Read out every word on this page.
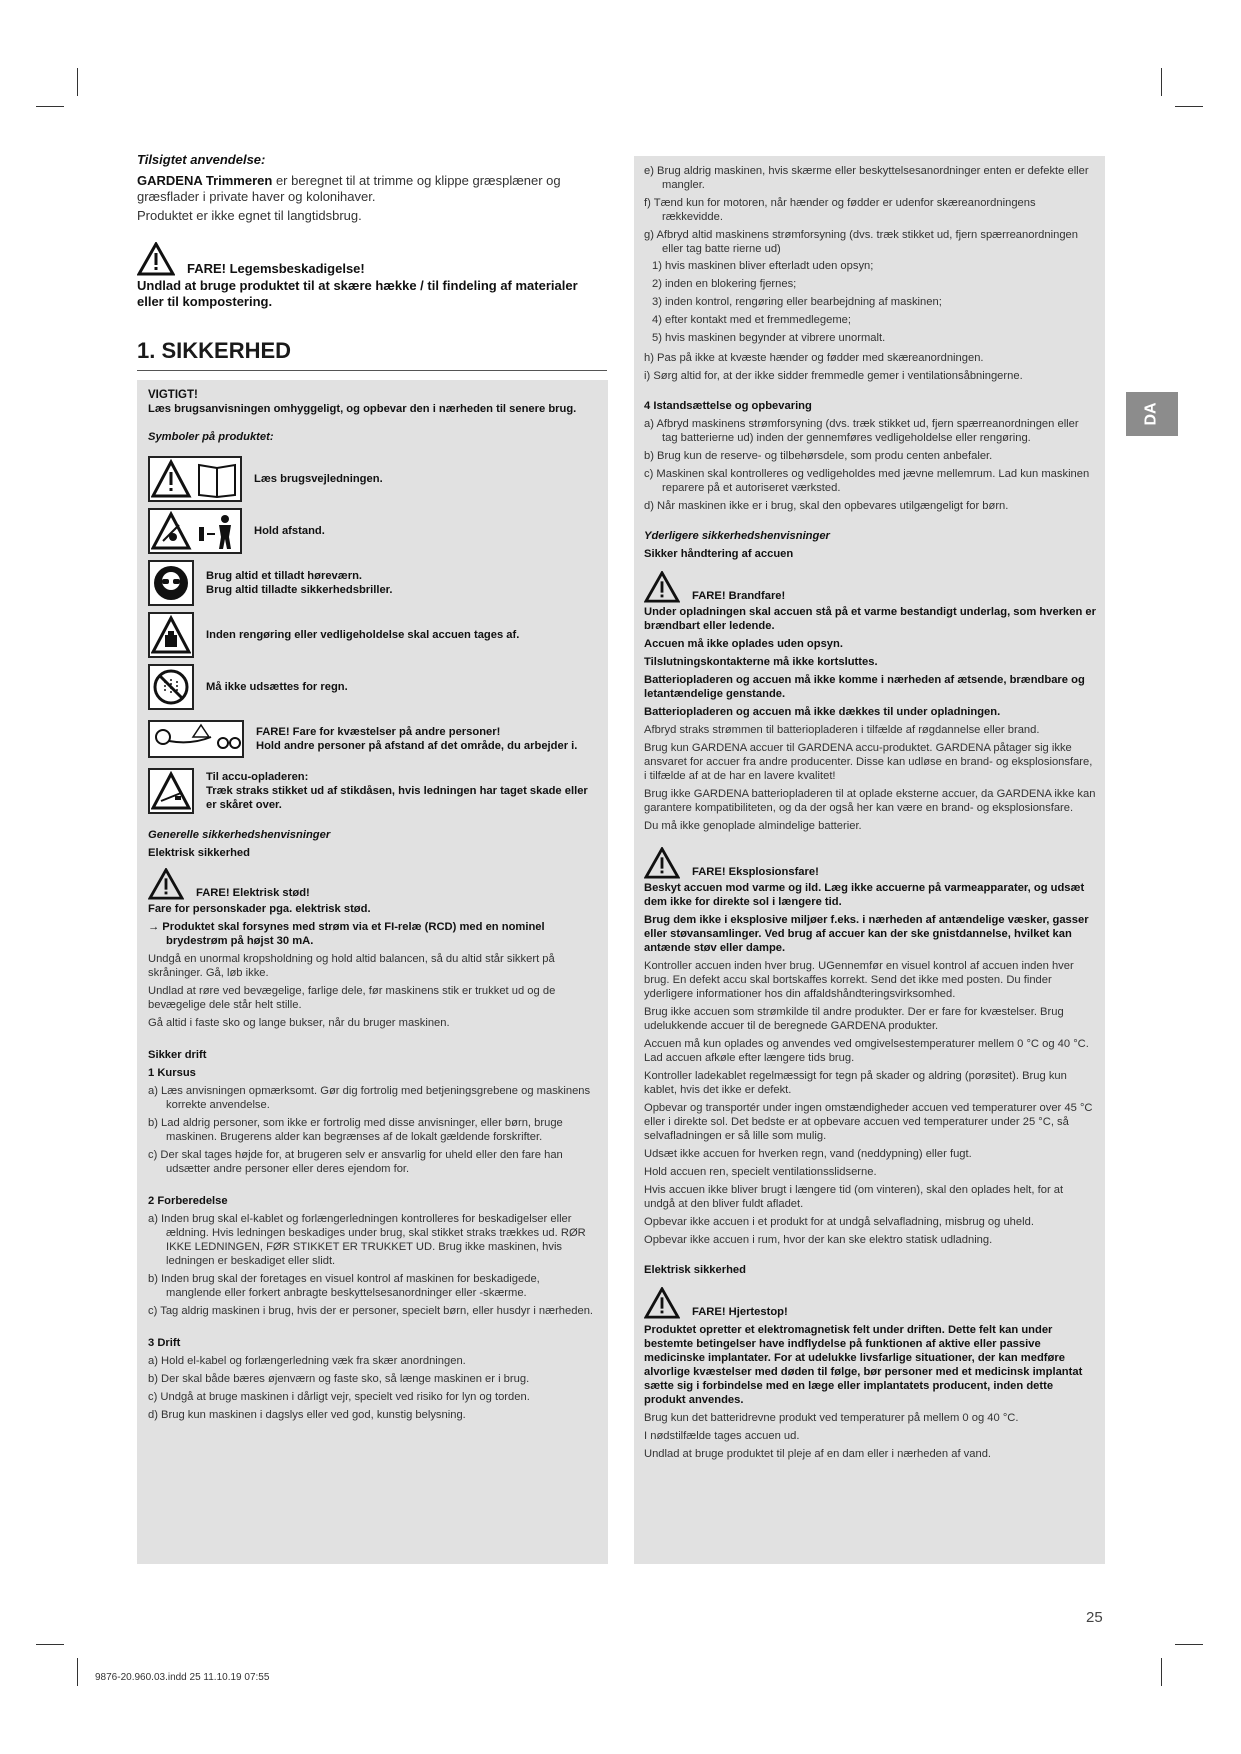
DA
Tilsigtet anvendelse:
GARDENA Trimmeren er beregnet til at trimme og klippe græsplæner og græsflader i private haver og kolonihaver.
Produktet er ikke egnet til langtidsbrug.
FARE! Legemsbeskadigelse!
Undlad at bruge produktet til at skære hække / til findeling af materialer eller til kompostering.
1. SIKKERHED
VIGTIGT!
Læs brugsanvisningen omhyggeligt, og opbevar den i nærheden til senere brug.
Symboler på produktet:
Læs brugsvejledningen.
Hold afstand.
Brug altid et tilladt høreværn.
Brug altid tilladte sikkerhedsbriller.
Inden rengøring eller vedligeholdelse skal accuen tages af.
Må ikke udsættes for regn.
FARE! Fare for kvæstelser på andre personer!
Hold andre personer på afstand af det område, du arbejder i.
Til accu-opladeren:
Træk straks stikket ud af stikdåsen, hvis ledningen har taget skade eller er skåret over.
Generelle sikkerhedshenvisninger
Elektrisk sikkerhed
FARE! Elektrisk stød!
Fare for personskader pga. elektrisk stød.
→ Produktet skal forsynes med strøm via et FI-relæ (RCD) med en nominel brydestrøm på højst 30 mA.
Undgå en unormal kropsholdning og hold altid balancen, så du altid står sikkert på skråninger. Gå, løb ikke.
Undlad at røre ved bevægelige, farlige dele, før maskinens stik er trukket ud og de bevægelige dele står helt stille.
Gå altid i faste sko og lange bukser, når du bruger maskinen.
Sikker drift
1 Kursus
a) Læs anvisningen opmærksomt. Gør dig fortrolig med betjeningsgrebene og maskinens korrekte anvendelse.
b) Lad aldrig personer, som ikke er fortrolig med disse anvisninger, eller børn, bruge maskinen. Brugerens alder kan begrænses af de lokalt gældende forskrifter.
c) Der skal tages højde for, at brugeren selv er ansvarlig for uheld eller den fare han udsætter andre personer eller deres ejendom for.
2 Forberedelse
a) Inden brug skal el-kablet og forlængerledningen kontrolleres for beskadigelser eller ældning. Hvis ledningen beskadiges under brug, skal stikket straks trækkes ud. RØR IKKE LEDNINGEN, FØR STIKKET ER TRUKKET UD. Brug ikke maskinen, hvis ledningen er beskadiget eller slidt.
b) Inden brug skal der foretages en visuel kontrol af maskinen for beskadigede, manglende eller forkert anbragte beskyttelsesanordninger eller -skærme.
c) Tag aldrig maskinen i brug, hvis der er personer, specielt børn, eller husdyr i nærheden.
3 Drift
a) Hold el-kabel og forlængerledning væk fra skær anordningen.
b) Der skal både bæres øjenværn og faste sko, så længe maskinen er i brug.
c) Undgå at bruge maskinen i dårligt vejr, specielt ved risiko for lyn og torden.
d) Brug kun maskinen i dagslys eller ved god, kunstig belysning.
e) Brug aldrig maskinen, hvis skærme eller beskyttelsesanordninger enten er defekte eller mangler.
f) Tænd kun for motoren, når hænder og fødder er udenfor skæreanordningens rækkevidde.
g) Afbryd altid maskinens strømforsyning (dvs. træk stikket ud, fjern spærreanordningen eller tag batte rierne ud)
1) hvis maskinen bliver efterladt uden opsyn;
2) inden en blokering fjernes;
3) inden kontrol, rengøring eller bearbejdning af maskinen;
4) efter kontakt med et fremmedlegeme;
5) hvis maskinen begynder at vibrere unormalt.
h) Pas på ikke at kvæste hænder og fødder med skæreanordningen.
i) Sørg altid for, at der ikke sidder fremmedle gemer i ventilationsåbningerne.
4 Istandsættelse og opbevaring
a) Afbryd maskinens strømforsyning (dvs. træk stikket ud, fjern spærreanordningen eller tag batterierne ud) inden der gennemføres vedligeholdelse eller rengøring.
b) Brug kun de reserve- og tilbehørsdele, som produ centen anbefaler.
c) Maskinen skal kontrolleres og vedligeholdes med jævne mellemrum. Lad kun maskinen reparere på et autoriseret værksted.
d) Når maskinen ikke er i brug, skal den opbevares utilgængeligt for børn.
Yderligere sikkerhedshenvisninger
Sikker håndtering af accuen
FARE! Brandfare!
Under opladningen skal accuen stå på et varme bestandigt underlag, som hverken er brændbart eller ledende.
Accuen må ikke oplades uden opsyn.
Tilslutningskontakterne må ikke kortsluttes.
Batteriopladeren og accuen må ikke komme i nærheden af ætsende, brændbare og letantændelige genstande.
Batteriopladeren og accuen må ikke dækkes til under opladningen.
Afbryd straks strømmen til batteriopladeren i tilfælde af røgdannelse eller brand.
Brug kun GARDENA accuer til GARDENA accu-produktet. GARDENA påtager sig ikke ansvaret for accuer fra andre producenter. Disse kan udløse en brand- og eksplosionsfare, i tilfælde af at de har en lavere kvalitet!
Brug ikke GARDENA batteriopladeren til at oplade eksterne accuer, da GARDENA ikke kan garantere kompatibiliteten, og da der også her kan være en brand- og eksplosionsfare.
Du må ikke genoplade almindelige batterier.
FARE! Eksplosionsfare!
Beskyt accuen mod varme og ild. Læg ikke accuerne på varmeapparater, og udsæt dem ikke for direkte sol i længere tid.
Brug dem ikke i eksplosive miljøer f.eks. i nærheden af antændelige væsker, gasser eller støvansamlinger. Ved brug af accuer kan der ske gnistdannelse, hvilket kan antænde støv eller dampe.
Kontroller accuen inden hver brug. UGennemfør en visuel kontrol af accuen inden hver brug. En defekt accu skal bortskaffes korrekt. Send det ikke med posten. Du finder yderligere informationer hos din affaldshåndteringsvirksomhed.
Brug ikke accuen som strømkilde til andre produkter. Der er fare for kvæstelser. Brug udelukkende accuer til de beregnede GARDENA produkter.
Accuen må kun oplades og anvendes ved omgivelsestemperaturer mellem 0 °C og 40 °C. Lad accuen afkøle efter længere tids brug.
Kontroller ladekablet regelmæssigt for tegn på skader og aldring (porøsitet). Brug kun kablet, hvis det ikke er defekt.
Opbevar og transportér under ingen omstændigheder accuen ved temperaturer over 45 °C eller i direkte sol. Det bedste er at opbevare accuen ved temperaturer under 25 °C, så selvafladningen er så lille som mulig.
Udsæt ikke accuen for hverken regn, vand (neddypning) eller fugt.
Hold accuen ren, specielt ventilationsslidserne.
Hvis accuen ikke bliver brugt i længere tid (om vinteren), skal den oplades helt, for at undgå at den bliver fuldt afladet.
Opbevar ikke accuen i et produkt for at undgå selvafladning, misbrug og uheld.
Opbevar ikke accuen i rum, hvor der kan ske elektro statisk udladning.
Elektrisk sikkerhed
FARE! Hjertestop!
Produktet opretter et elektromagnetisk felt under driften. Dette felt kan under bestemte betingelser have indflydelse på funktionen af aktive eller passive medicinske implantater. For at udelukke livsfarlige situationer, der kan medføre alvorlige kvæstelser med døden til følge, bør personer med et medicinsk implantat sætte sig i forbindelse med en læge eller implantatets producent, inden dette produkt anvendes.
Brug kun det batteridrevne produkt ved temperaturer på mellem 0 og 40 °C.
I nødstilfælde tages accuen ud.
Undlad at bruge produktet til pleje af en dam eller i nærheden af vand.
25
9876-20.960.03.indd 25 11.10.19 07:55
